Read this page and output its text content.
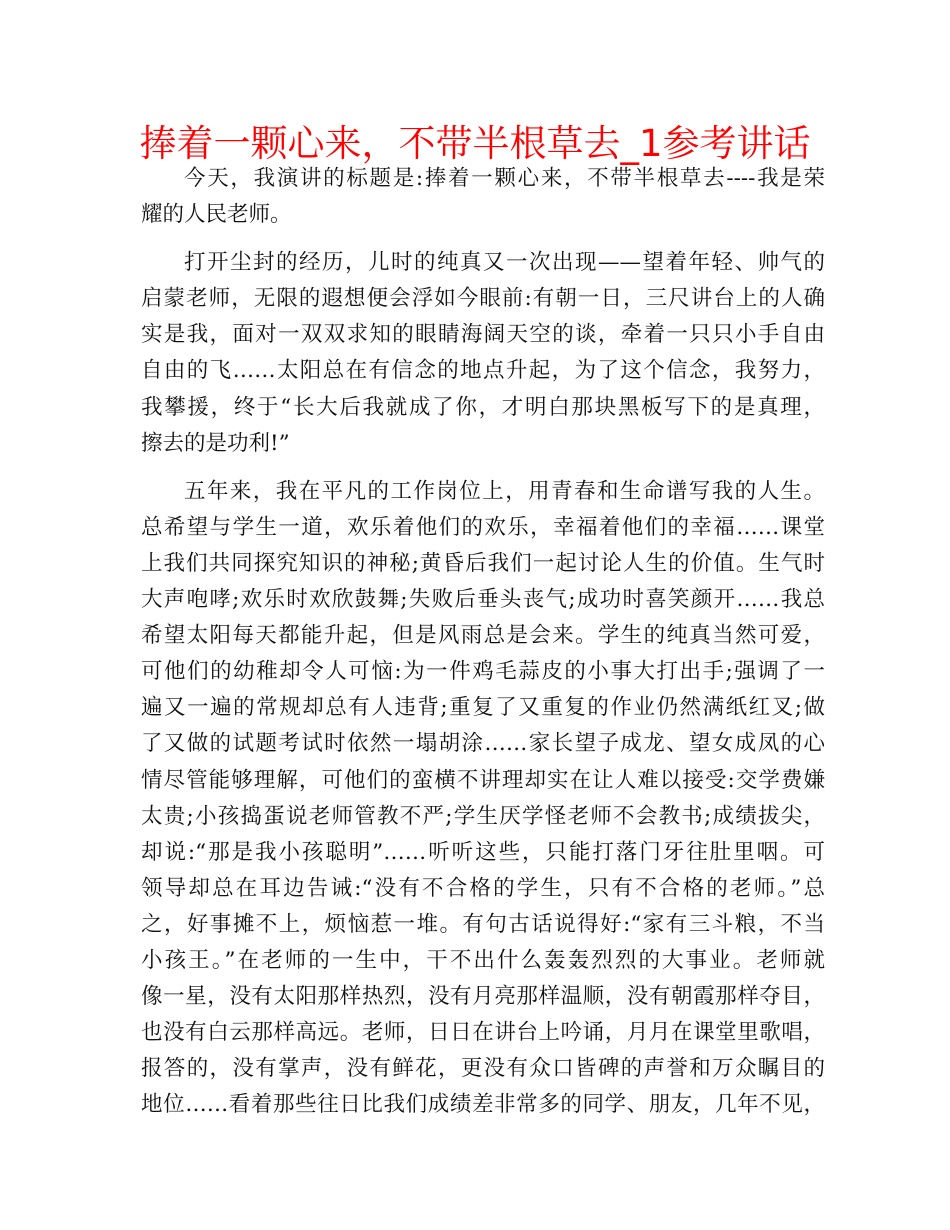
捧着一颗心来，不带半根草去_1参考讲话
今天，我演讲的标题是:捧着一颗心来，不带半根草去----我是荣
耀的人民老师。
打开尘封的经历，儿时的纯真又一次出现——望着年轻、帅气的
启蒙老师，无限的遐想便会浮如今眼前:有朝一日，三尺讲台上的人确
实是我，面对一双双求知的眼睛海阔天空的谈，牵着一只只小手自由
自由的飞……太阳总在有信念的地点升起，为了这个信念，我努力，
我攀援，终于“长大后我就成了你，才明白那块黑板写下的是真理，
擦去的是功利!”
五年来，我在平凡的工作岗位上，用青春和生命谱写我的人生。
总希望与学生一道，欢乐着他们的欢乐，幸福着他们的幸福……课堂
上我们共同探究知识的神秘;黄昏后我们一起讨论人生的价值。生气时
大声咆哮;欢乐时欢欣鼓舞;失败后垂头丧气;成功时喜笑颜开……我总
希望太阳每天都能升起，但是风雨总是会来。学生的纯真当然可爱，
可他们的幼稚却令人可恼:为一件鸡毛蒜皮的小事大打出手;强调了一
遍又一遍的常规却总有人违背;重复了又重复的作业仍然满纸红叉;做
了又做的试题考试时依然一塌胡涂……家长望子成龙、望女成凤的心
情尽管能够理解，可他们的蛮横不讲理却实在让人难以接受:交学费嫌
太贵;小孩捣蛋说老师管教不严;学生厌学怪老师不会教书;成绩拔尖，
却说:“那是我小孩聪明”……听听这些，只能打落门牙往肚里咽。可
领导却总在耳边告诫:“没有不合格的学生，只有不合格的老师。”总
之，好事摊不上，烦恼惹一堆。有句古话说得好:“家有三斗粮，不当
小孩王。”在老师的一生中，干不出什么轰轰烈烈的大事业。老师就
像一星，没有太阳那样热烈，没有月亮那样温顺，没有朝霞那样夺目，
也没有白云那样高远。老师，日日在讲台上吟诵，月月在课堂里歌唱，
报答的，没有掌声，没有鲜花，更没有众口皆碑的声誉和万众瞩目的
地位……看着那些往日比我们成绩差非常多的同学、朋友，几年不见，
